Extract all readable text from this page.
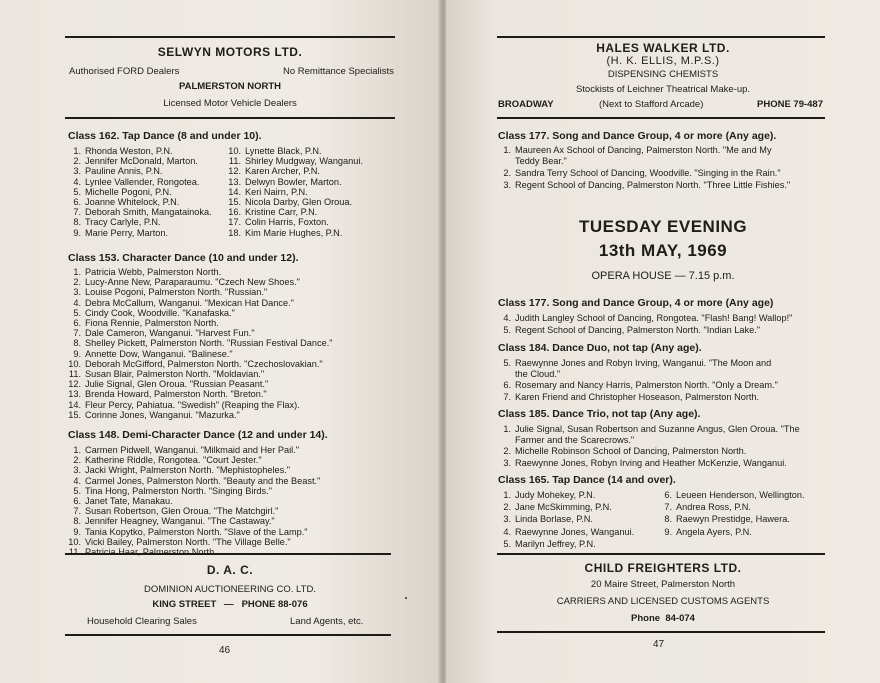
SELWYN MOTORS LTD.
Authorised FORD Dealers	No Remittance Specialists
PALMERSTON NORTH
Licensed Motor Vehicle Dealers
Class 162. Tap Dance (8 and under 10).
1. Rhonda Weston, P.N.
2. Jennifer McDonald, Marton.
3. Pauline Annis, P.N.
4. Lynlee Vallender, Rongotea.
5. Michelle Pogoni, P.N.
6. Joanne Whitelock, P.N.
7. Deborah Smith, Mangatainoka.
8. Tracy Carlyle, P.N.
9. Marie Perry, Marton.
10. Lynette Black, P.N.
11. Shirley Mudgway, Wanganui.
12. Karen Archer, P.N.
13. Delwyn Bowler, Marton.
14. Keri Nairn, P.N.
15. Nicola Darby, Glen Oroua.
16. Kristine Carr, P.N.
17. Colin Harris, Foxton.
18. Kim Marie Hughes, P.N.
Class 153. Character Dance (10 and under 12).
1. Patricia Webb, Palmerston North.
2. Lucy-Anne New, Paraparaumu. "Czech New Shoes."
3. Louise Pogoni, Palmerston North. "Russian."
4. Debra McCallum, Wanganui. "Mexican Hat Dance."
5. Cindy Cook, Woodville. "Kanafaska."
6. Fiona Rennie, Palmerston North.
7. Dale Cameron, Wanganui. "Harvest Fun."
8. Shelley Pickett, Palmerston North. "Russian Festival Dance."
9. Annette Dow, Wanganui. "Balinese."
10. Deborah McGifford, Palmerston North. "Czechoslovakian."
11. Susan Blair, Palmerston North. "Moldavian."
12. Julie Signal, Glen Oroua. "Russian Peasant."
13. Brenda Howard, Palmerston North. "Breton."
14. Fleur Percy, Pahiatua. "Swedish" (Reaping the Flax).
15. Corinne Jones, Wanganui. "Mazurka."
Class 148. Demi-Character Dance (12 and under 14).
1. Carmen Pidwell, Wanganui. "Milkmaid and Her Pail."
2. Katherine Riddle, Rongotea. "Court Jester."
3. Jacki Wright, Palmerston North. "Mephistopheles."
4. Carmel Jones, Palmerston North. "Beauty and the Beast."
5. Tina Hong, Palmerston North. "Singing Birds."
6. Janet Tate, Manakau.
7. Susan Robertson, Glen Oroua. "The Matchgirl."
8. Jennifer Heagney, Wanganui. "The Castaway."
9. Tania Kopytko, Palmerston North. "Slave of the Lamp."
10. Vicki Bailey, Palmerston North. "The Village Belle."
11. Patricia Haar, Palmerston North.
D. A. C.
DOMINION AUCTIONEERING CO. LTD.
KING STREET   —   PHONE 88-076
Household Clearing Sales	Land Agents, etc.
46
HALES WALKER LTD.
(H. K. ELLIS, M.P.S.)
DISPENSING CHEMISTS
Stockists of Leichner Theatrical Make-up.
BROADWAY	(Next to Stafford Arcade)	PHONE 79-487
Class 177. Song and Dance Group, 4 or more (Any age).
1. Maureen Ax School of Dancing, Palmerston North. "Me and My
Teddy Bear."
2. Sandra Terry School of Dancing, Woodville. "Singing in the Rain."
3. Regent School of Dancing, Palmerston North. "Three Little Fishies."
TUESDAY EVENING
13th MAY, 1969
OPERA HOUSE — 7.15 p.m.
Class 177. Song and Dance Group, 4 or more (Any age)
4. Judith Langley School of Dancing, Rongotea. "Flash! Bang! Wallop!"
5. Regent School of Dancing, Palmerston North. "Indian Lake."
Class 184. Dance Duo, not tap (Any age).
5. Raewynne Jones and Robyn Irving, Wanganui. "The Moon and
the Cloud."
6. Rosemary and Nancy Harris, Palmerston North. "Only a Dream."
7. Karen Friend and Christopher Hoseason, Palmerston North.
Class 185. Dance Trio, not tap (Any age).
1. Julie Signal, Susan Robertson and Suzanne Angus, Glen Oroua. "The
Farmer and the Scarecrows."
2. Michelle Robinson School of Dancing, Palmerston North.
3. Raewynne Jones, Robyn Irving and Heather McKenzie, Wanganui.
Class 165. Tap Dance (14 and over).
1. Judy Mohekey, P.N.
2. Jane McSkimming, P.N.
3. Linda Borlase, P.N.
4. Raewynne Jones, Wanganui.
5. Marilyn Jeffrey, P.N.
6. Leueen Henderson, Wellington.
7. Andrea Ross, P.N.
8. Raewyn Prestidge, Hawera.
9. Angela Ayers, P.N.
CHILD FREIGHTERS LTD.
20 Maire Street, Palmerston North
CARRIERS AND LICENSED CUSTOMS AGENTS
Phone  84-074
47
